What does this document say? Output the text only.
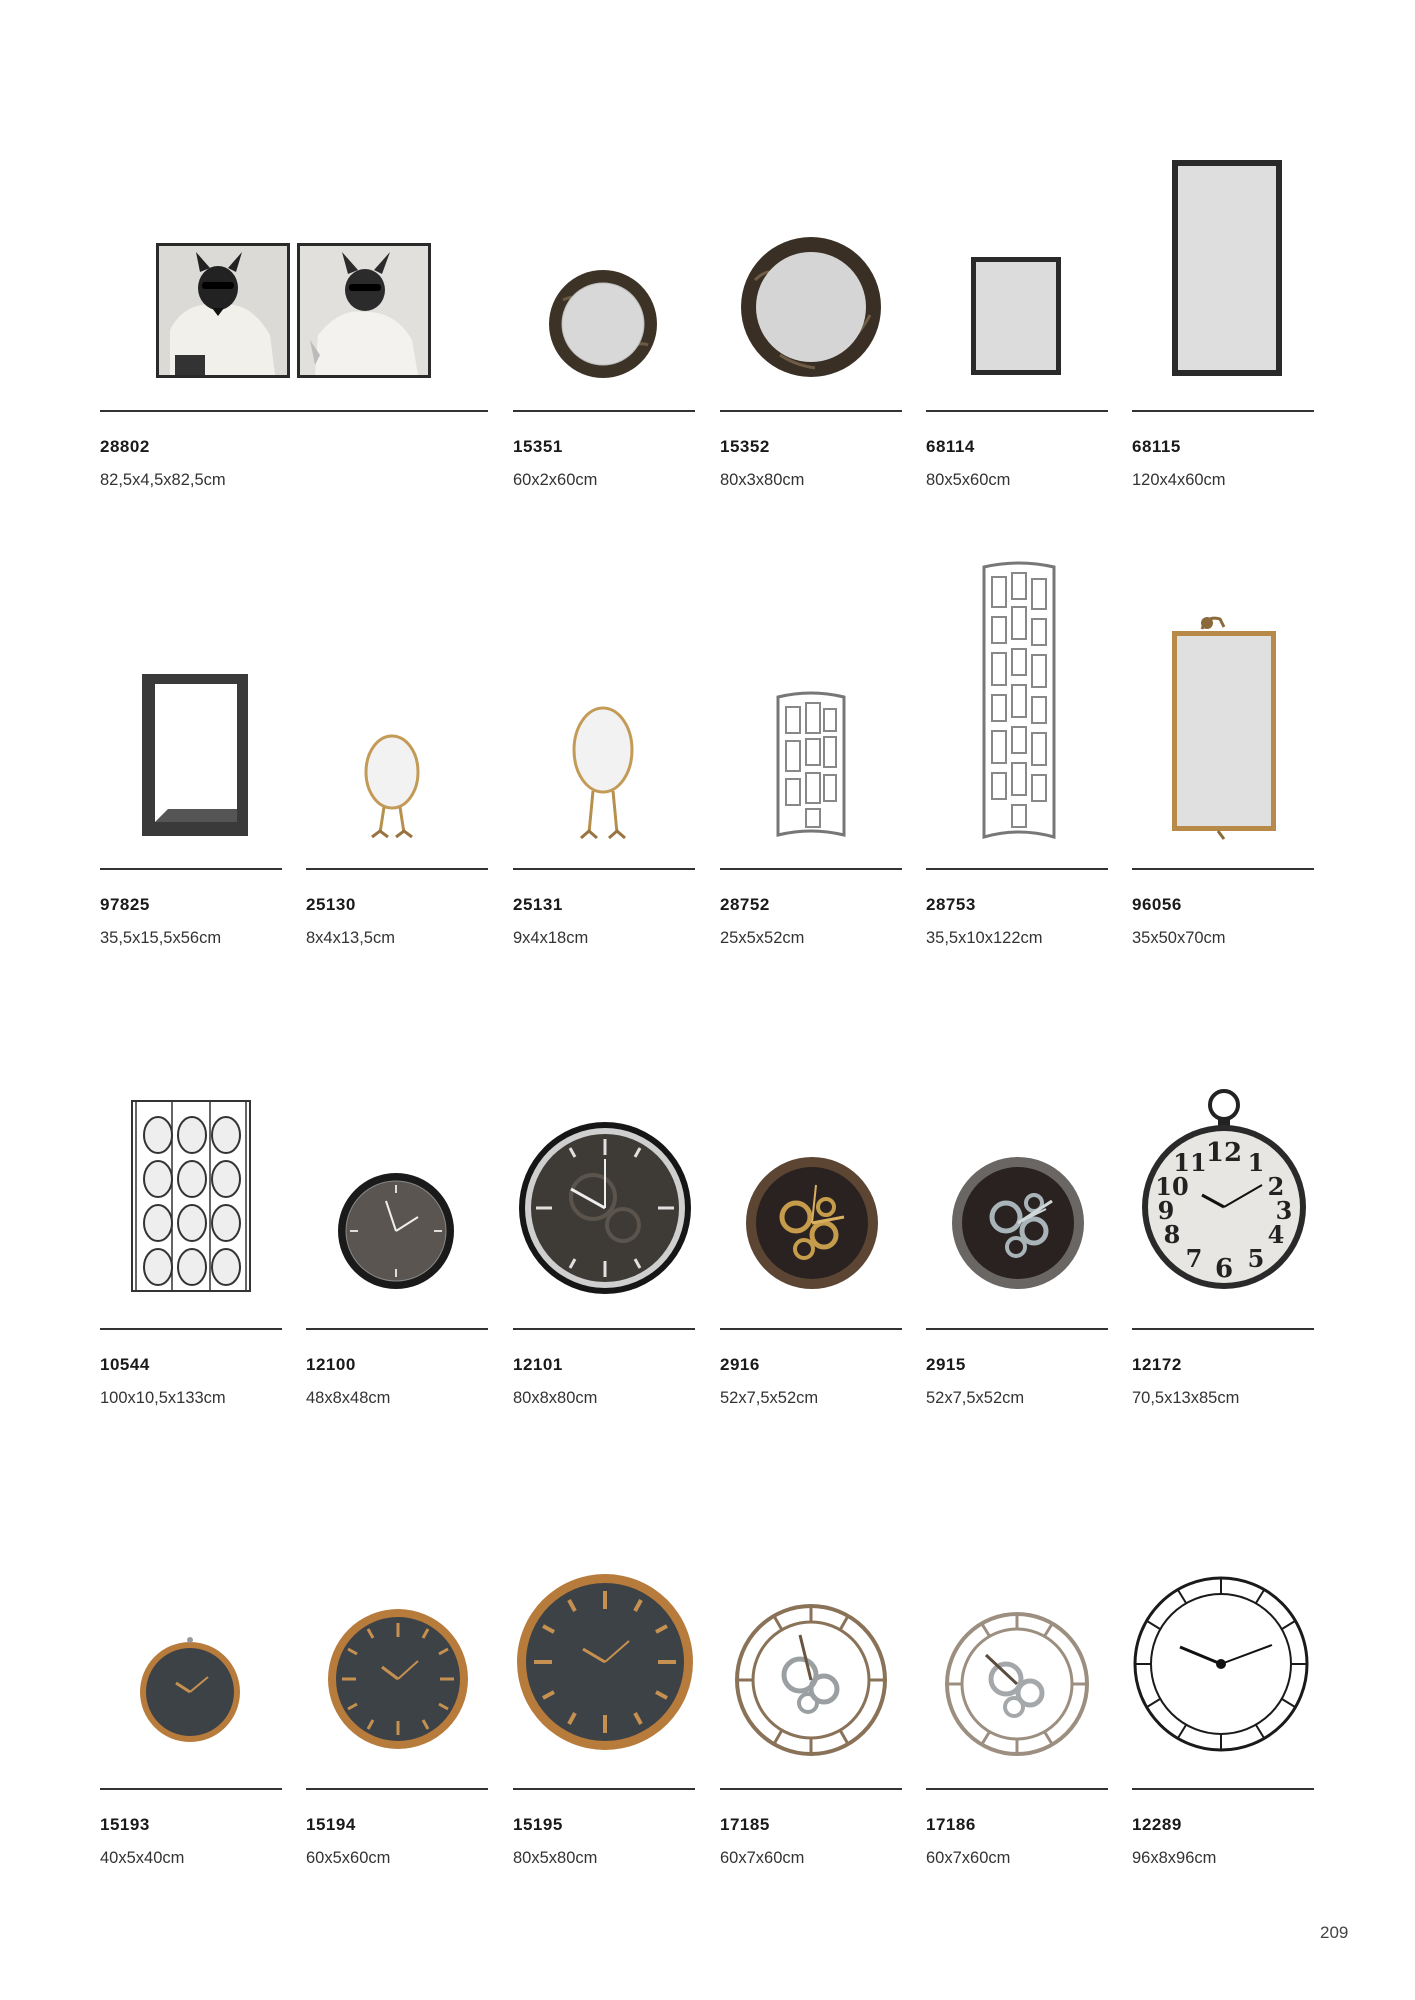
28802
82,5x4,5x82,5cm
15351
60x2x60cm
15352
80x3x80cm
68114
80x5x60cm
68115
120x4x60cm
97825
35,5x15,5x56cm
25130
8x4x13,5cm
25131
9x4x18cm
28752
25x5x52cm
28753
35,5x10x122cm
96056
35x50x70cm
10544
100x10,5x133cm
12100
48x8x48cm
12101
80x8x80cm
2916
52x7,5x52cm
2915
52x7,5x52cm
12 1
2
3
4
5
6
7
8
9
10
11
12172
70,5x13x85cm
15193
40x5x40cm
15194
60x5x60cm
15195
80x5x80cm
17185
60x7x60cm
17186
60x7x60cm
12289
96x8x96cm
209
